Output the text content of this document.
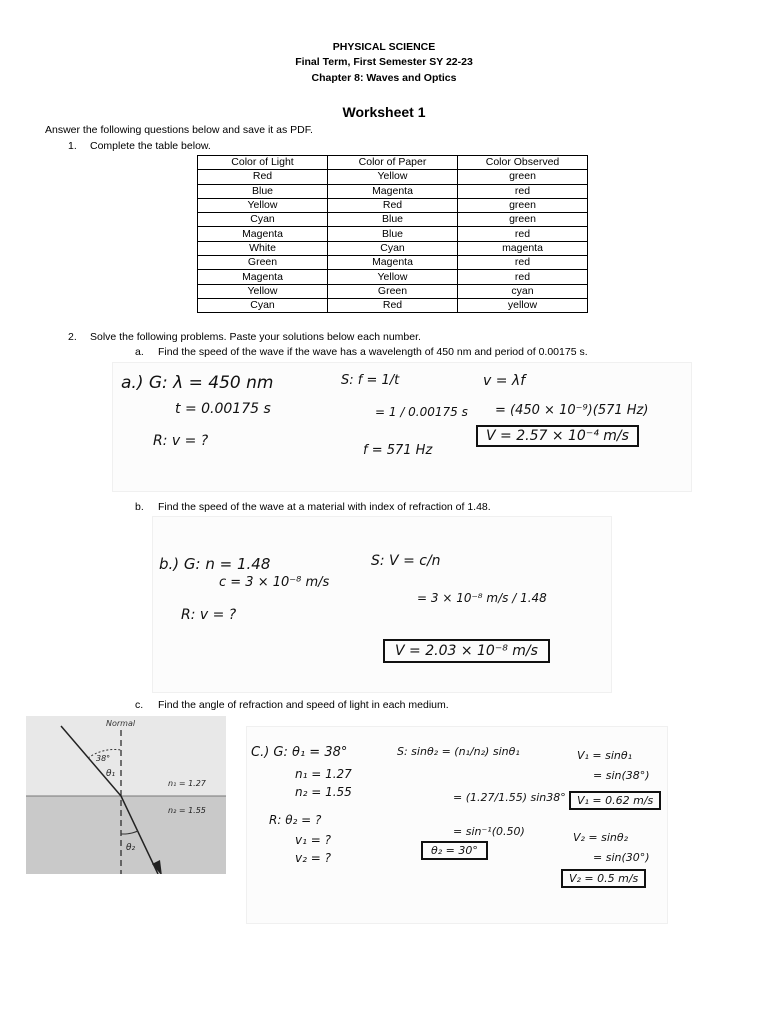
PHYSICAL SCIENCE
Final Term, First Semester SY 22-23
Chapter 8: Waves and Optics
Worksheet 1
Answer the following questions below and save it as PDF.
1. Complete the table below.
Color of Light	Color of Paper	Color Observed
Red	Yellow	green
Blue	Magenta	red
Yellow	Red	green
Cyan	Blue	green
Magenta	Blue	red
White	Cyan	magenta
Green	Magenta	red
Magenta	Yellow	red
Yellow	Green	cyan
Cyan	Red	yellow
2. Solve the following problems. Paste your solutions below each number.
a. Find the speed of the wave if the wave has a wavelength of 450 nm and period of 0.00175 s.
a.) G: λ = 450 nm
t = 0.00175 s
R: v = ?
S: f = 1/t
= 1 / 0.00175 s
f = 571 Hz
v = λf
= (450 × 10⁻⁹)(571 Hz)
V = 2.57 × 10⁻⁴ m/s
b. Find the speed of the wave at a material with index of refraction of 1.48.
b.) G: n = 1.48
c = 3 × 10⁻⁸ m/s
R: v = ?
S: V = c/n
= 3 × 10⁻⁸ m/s / 1.48
V = 2.03 × 10⁻⁸ m/s
c. Find the angle of refraction and speed of light in each medium.
Normal
38°
θ₁
n₁ = 1.27
n₂ = 1.55
θ₂
C.) G: θ₁ = 38°
n₁ = 1.27
n₂ = 1.55
R: θ₂ = ?
v₁ = ?
v₂ = ?
S: sinθ₂ = (n₁/n₂) sinθ₁
= (1.27/1.55) sin38°
= sin⁻¹(0.50)
θ₂ = 30°
V₁ = sinθ₁
= sin(38°)
V₁ = 0.62 m/s
V₂ = sinθ₂
= sin(30°)
V₂ = 0.5 m/s
